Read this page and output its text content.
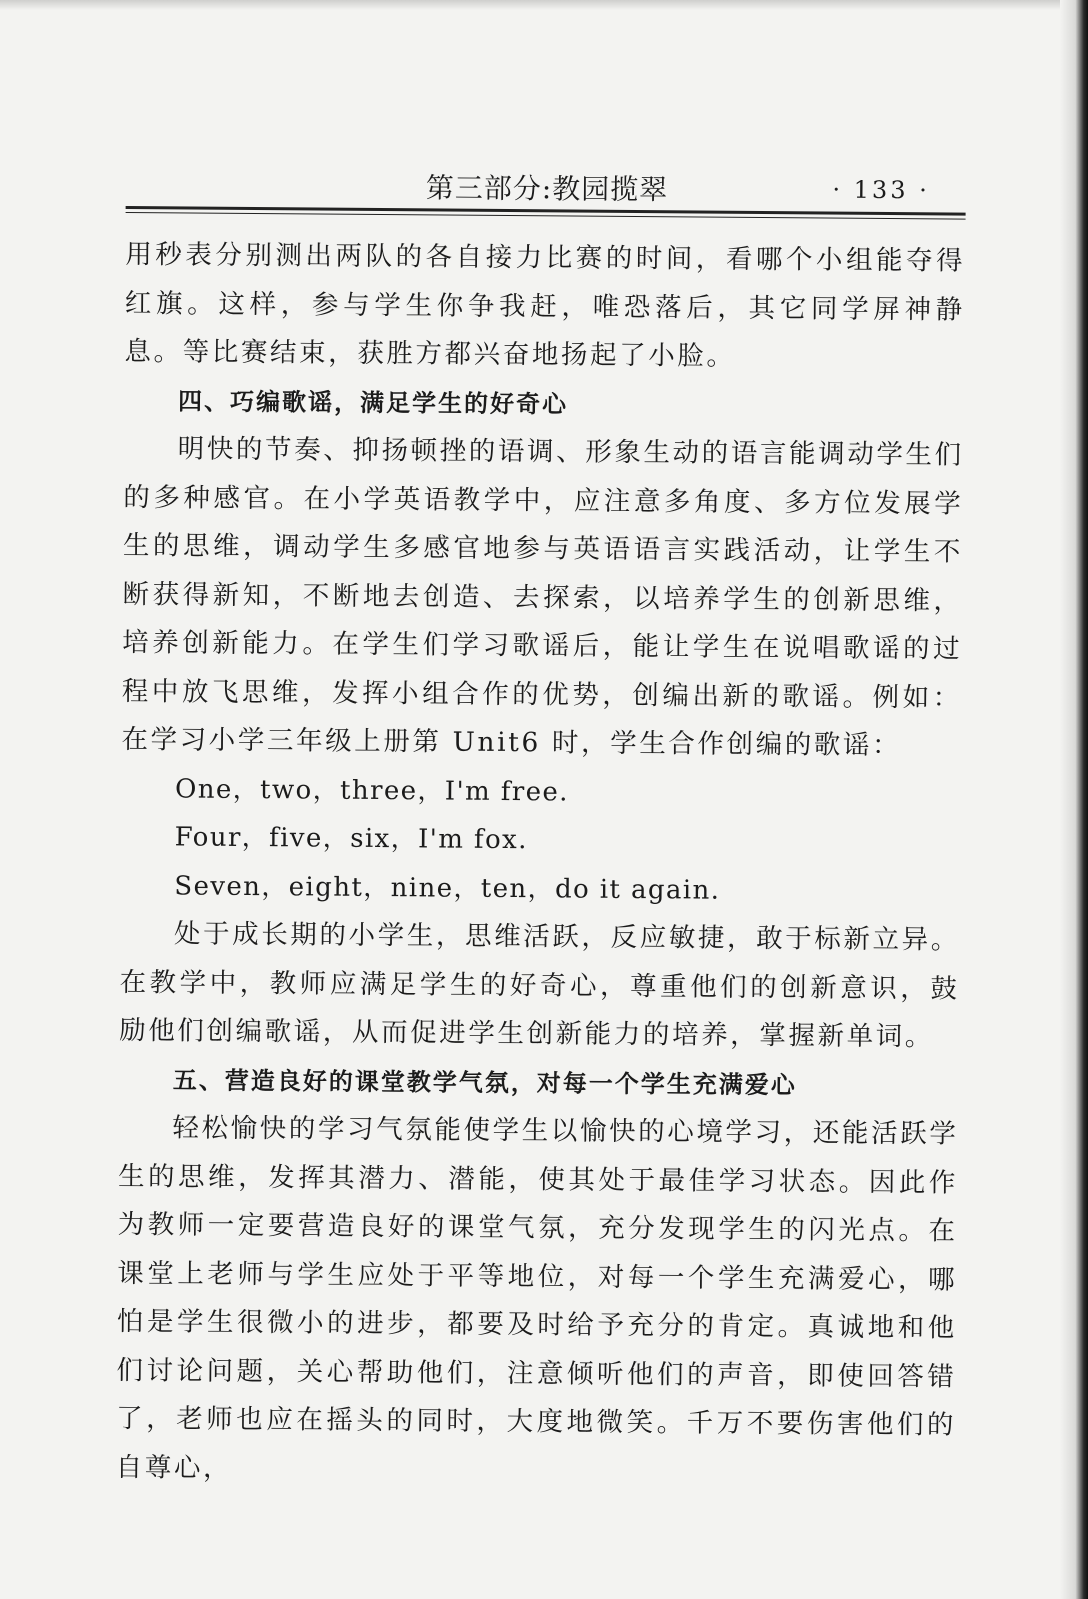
第三部分:教园揽翠	· 133 ·

用秒表分别测出两队的各自接力比赛的时间，看哪个小组能夺得红旗。这样，参与学生你争我赶，唯恐落后，其它同学屏神静息。等比赛结束，获胜方都兴奋地扬起了小脸。

四、巧编歌谣，满足学生的好奇心

明快的节奏、抑扬顿挫的语调、形象生动的语言能调动学生们的多种感官。在小学英语教学中，应注意多角度、多方位发展学生的思维，调动学生多感官地参与英语语言实践活动，让学生不断获得新知，不断地去创造、去探索，以培养学生的创新思维，培养创新能力。在学生们学习歌谣后，能让学生在说唱歌谣的过程中放飞思维，发挥小组合作的优势，创编出新的歌谣。例如：在学习小学三年级上册第 Unit6 时，学生合作创编的歌谣：

One，two，three，I'm free.

Four，five，six，I'm fox.

Seven，eight，nine，ten，do it again.

处于成长期的小学生，思维活跃，反应敏捷，敢于标新立异。在教学中，教师应满足学生的好奇心，尊重他们的创新意识，鼓励他们创编歌谣，从而促进学生创新能力的培养，掌握新单词。

五、营造良好的课堂教学气氛，对每一个学生充满爱心

轻松愉快的学习气氛能使学生以愉快的心境学习，还能活跃学生的思维，发挥其潜力、潜能，使其处于最佳学习状态。因此作为教师一定要营造良好的课堂气氛，充分发现学生的闪光点。在课堂上老师与学生应处于平等地位，对每一个学生充满爱心，哪怕是学生很微小的进步，都要及时给予充分的肯定。真诚地和他们讨论问题，关心帮助他们，注意倾听他们的声音，即使回答错了，老师也应在摇头的同时，大度地微笑。千万不要伤害他们的自尊心，
